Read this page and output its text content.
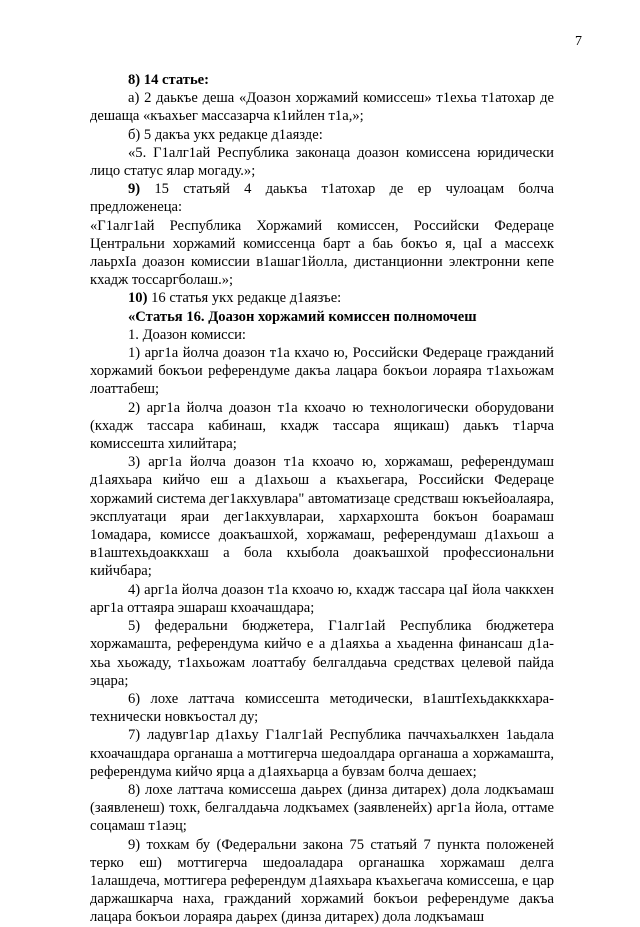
7

8) 14 статье:

а) 2 даькъе деша «Доазон хоржамий комиссеш» т1ехьа т1атохар де дешаща «къахьег массазарча к1ийлен т1а,»;

б) 5 дакъа укх редакце д1аязде:

«5. Г1алг1ай Республика законаца доазон комиссена юридически лицо статус ялар могаду.»;

9) 15 статьяй 4 даькъа т1атохар де ер чулоацам болча предложенеца:

«Г1алг1ай Республика Хоржамий комиссен, Российски Федераце Центральни хоржамий комиссенца барт а баь бокъо я, цаI а массехк лаьрхIа доазон комиссии в1ашаг1йолла, дистанционни электронни кепе кхадж тоссаргболаш.»;

10) 16 статья укх редакце д1аязъе:

«Статья 16. Доазон хоржамий комиссен полномочеш

1. Доазон комисси:

1) арг1а йолча доазон т1а кхачо ю, Российски Федераце гражданий хоржамий бокъои референдуме дакъа лацара бокъои лораяра т1ахьожам лоаттабеш;

2) арг1а йолча доазон т1а кхоачо ю технологически оборудовани (кхадж тассара кабинаш, кхадж тассара ящикаш) даькъ т1арча комиссешта хилийтара;

3) арг1а йолча доазон т1а кхоачо ю, хоржамаш, референдумаш д1аяхьара кийчо еш а д1ахьош а къахьегара, Российски Федераце хоржамий система дег1акхувлара" автоматизаце средстваш юкъейоалаяра, эксплуатаци яраи дег1акхувлараи, хархархошта бокъон боарамаш 1омадара, комиссе доакъашхой, хоржамаш, референдумаш д1ахьош а в1аштехьдоаккхаш а бола кхыбола доакъашхой профессиональни кийчбара;

4) арг1а йолча доазон т1а кхоачо ю, кхадж тассара цаI йола чаккхен арг1а оттаяра эшараш кхоачашдара;

5) федеральни бюджетера, Г1алг1ай Республика бюджетера хоржамашта, референдума кийчо е а д1аяхьа а хьаденна финансаш д1а-хьа хьожаду, т1ахьожам лоаттабу белгалдаьча средствах целевой пайда эцара;

6) лохе латтача комиссешта методически, в1аштIехьдакккхара-технически новкъостал ду;

7) ладувг1ар д1ахьу Г1алг1ай Республика паччахьалкхен 1аьдала кхоачашдара органаша а моттигерча шедоалдара органаша а хоржамашта, референдума кийчо ярца а д1аяхьарца а бувзам болча дешаех;

8) лохе латтача комиссеша даьрех (динза дитарех) дола лодкъамаш (заявленеш) тохк, белгалдаьча лодкъамех (заявленейх) арг1а йола, оттаме соцамаш т1аэц;

9) тохкам бу (Федеральни закона 75 статьяй 7 пункта положеней терко еш) моттигерча шедоаладара органашка хоржамаш делга 1алашдеча, моттигера референдум д1аяхьара къахьегача комиссеша, е цар даржашкарча наха, гражданий хоржамий бокъои референдуме дакъа лацара бокъои лораяра даьрех (динза дитарех) дола лодкъамаш
